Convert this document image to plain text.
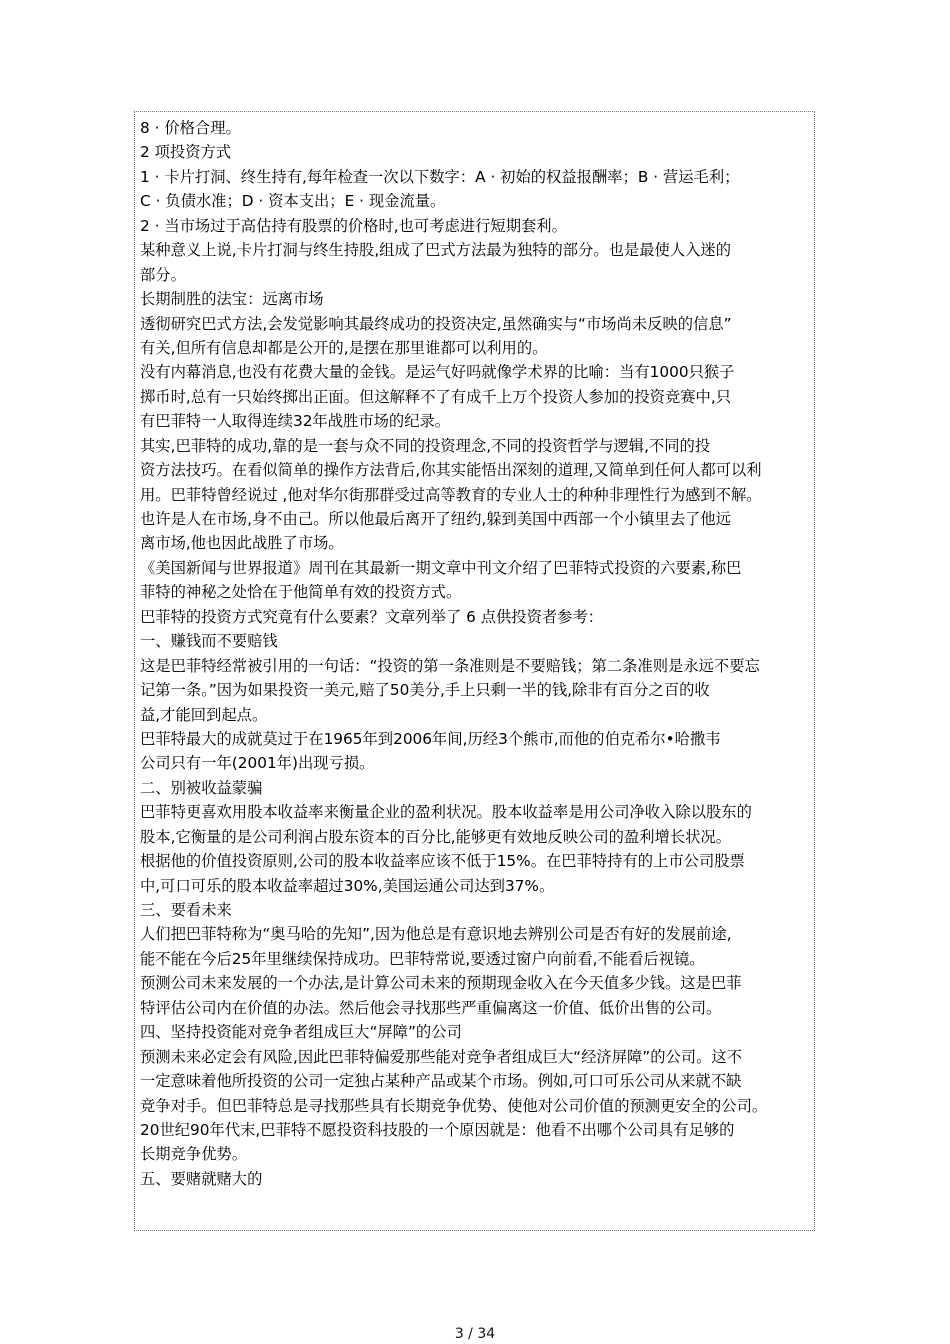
8 · 价格合理。
2 项投资方式
1 · 卡片打洞、终生持有,每年检查一次以下数字：A · 初始的权益报酬率；B · 营运毛利；
C · 负债水准；D · 资本支出；E · 现金流量。
2 · 当市场过于高估持有股票的价格时,也可考虑进行短期套利。
某种意义上说,卡片打洞与终生持股,组成了巴式方法最为独特的部分。也是最使人入迷的
部分。
长期制胜的法宝：远离市场
透彻研究巴式方法,会发觉影响其最终成功的投资决定,虽然确实与“市场尚未反映的信息”
有关,但所有信息却都是公开的,是摆在那里谁都可以利用的。
没有内幕消息,也没有花费大量的金钱。是运气好吗就像学术界的比喻：当有1000只猴子
掷币时,总有一只始终掷出正面。但这解释不了有成千上万个投资人参加的投资竞赛中,只
有巴菲特一人取得连续32年战胜市场的纪录。
其实,巴菲特的成功,靠的是一套与众不同的投资理念,不同的投资哲学与逻辑,不同的投
资方法技巧。在看似简单的操作方法背后,你其实能悟出深刻的道理,又简单到任何人都可以利
用。巴菲特曾经说过 ,他对华尔街那群受过高等教育的专业人士的种种非理性行为感到不解。
也许是人在市场,身不由己。所以他最后离开了纽约,躲到美国中西部一个小镇里去了他远
离市场,他也因此战胜了市场。
《美国新闻与世界报道》周刊在其最新一期文章中刊文介绍了巴菲特式投资的六要素,称巴
菲特的神秘之处恰在于他简单有效的投资方式。
巴菲特的投资方式究竟有什么要素？文章列举了 6 点供投资者参考：
一、赚钱而不要赔钱
这是巴菲特经常被引用的一句话：“投资的第一条准则是不要赔钱；第二条准则是永远不要忘
记第一条。”因为如果投资一美元,赔了50美分,手上只剩一半的钱,除非有百分之百的收
益,才能回到起点。
巴菲特最大的成就莫过于在1965年到2006年间,历经3个熊市,而他的伯克希尔•哈撒韦
公司只有一年(2001年)出现亏损。
二、别被收益蒙骗
巴菲特更喜欢用股本收益率来衡量企业的盈利状况。股本收益率是用公司净收入除以股东的
股本,它衡量的是公司利润占股东资本的百分比,能够更有效地反映公司的盈利增长状况。
根据他的价值投资原则,公司的股本收益率应该不低于15%。在巴菲特持有的上市公司股票
中,可口可乐的股本收益率超过30%,美国运通公司达到37%。
三、要看未来
人们把巴菲特称为“奥马哈的先知”,因为他总是有意识地去辨别公司是否有好的发展前途,
能不能在今后25年里继续保持成功。巴菲特常说,要透过窗户向前看,不能看后视镜。
预测公司未来发展的一个办法,是计算公司未来的预期现金收入在今天值多少钱。这是巴菲
特评估公司内在价值的办法。然后他会寻找那些严重偏离这一价值、低价出售的公司。
四、坚持投资能对竞争者组成巨大“屏障”的公司
预测未来必定会有风险,因此巴菲特偏爱那些能对竞争者组成巨大“经济屏障”的公司。这不
一定意味着他所投资的公司一定独占某种产品或某个市场。例如,可口可乐公司从来就不缺
竞争对手。但巴菲特总是寻找那些具有长期竞争优势、使他对公司价值的预测更安全的公司。
20世纪90年代末,巴菲特不愿投资科技股的一个原因就是：他看不出哪个公司具有足够的
长期竞争优势。
五、要赌就赌大的
3 / 34
